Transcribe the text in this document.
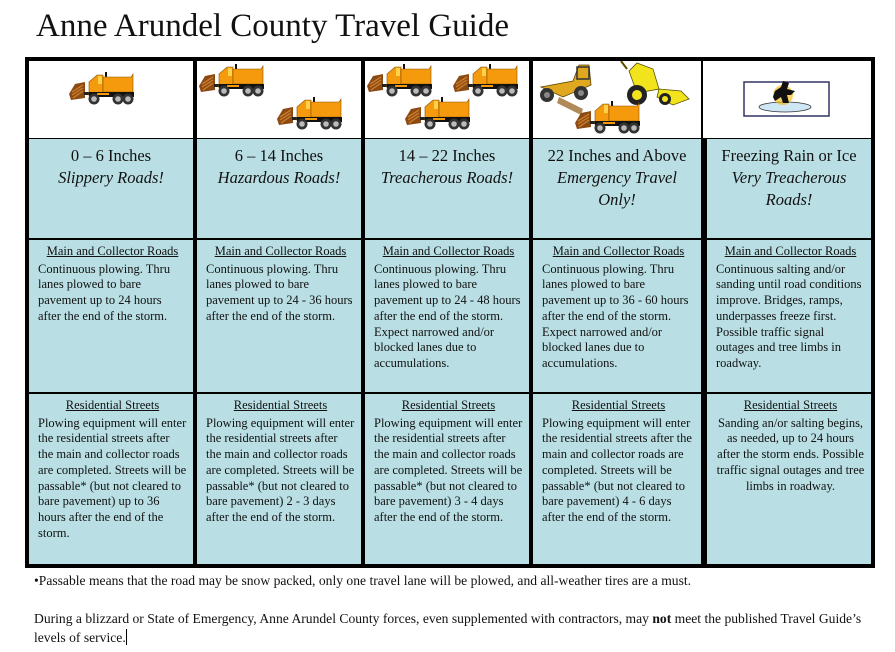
Anne Arundel County Travel Guide
0 – 6 Inches
Slippery Roads!
6 – 14 Inches
Hazardous Roads!
14 – 22 Inches
Treacherous Roads!
22 Inches and Above
Emergency Travel Only!
Freezing Rain or Ice
Very Treacherous Roads!
Main and Collector Roads
Continuous plowing. Thru lanes plowed to bare pavement up to 24 hours after the end of the storm.
Main and Collector Roads
Continuous plowing. Thru lanes plowed to bare pavement up to 24 - 36 hours after the end of the storm.
Main and Collector Roads
Continuous plowing. Thru lanes plowed to bare pavement up to 24 - 48 hours after the end of the storm. Expect narrowed and/or blocked lanes due to accumulations.
Main and Collector Roads
Continuous plowing. Thru lanes plowed to bare pavement up to 36 - 60 hours after the end of the storm. Expect narrowed and/or blocked lanes due to accumulations.
Main and Collector Roads
Continuous salting and/or sanding until road conditions improve. Bridges, ramps, underpasses freeze first. Possible traffic signal outages and tree limbs in roadway.
Residential Streets
Plowing equipment will enter the residential streets after the main and collector roads are completed. Streets will be passable* (but not cleared to bare pavement) up to 36 hours after the end of the storm.
Residential Streets
Plowing equipment will enter the residential streets after the main and collector roads are completed. Streets will be passable* (but not cleared to bare pavement) 2 - 3 days after the end of the storm.
Residential Streets
Plowing equipment will enter the residential streets after the main and collector roads are completed. Streets will be passable* (but not cleared to bare pavement) 3 - 4 days after the end of the storm.
Residential Streets
Plowing equipment will enter the residential streets after the main and collector roads are completed. Streets will be passable* (but not cleared to bare pavement) 4 - 6 days after the end of the storm.
Residential Streets
Sanding an/or salting begins, as needed, up to 24 hours after the storm ends. Possible traffic signal outages and tree limbs in roadway.

•Passable means that the road may be snow packed, only one travel lane will be plowed, and all-weather tires are a must.

During a blizzard or State of Emergency, Anne Arundel County forces, even supplemented with contractors, may not meet the published Travel Guide’s levels of service.
